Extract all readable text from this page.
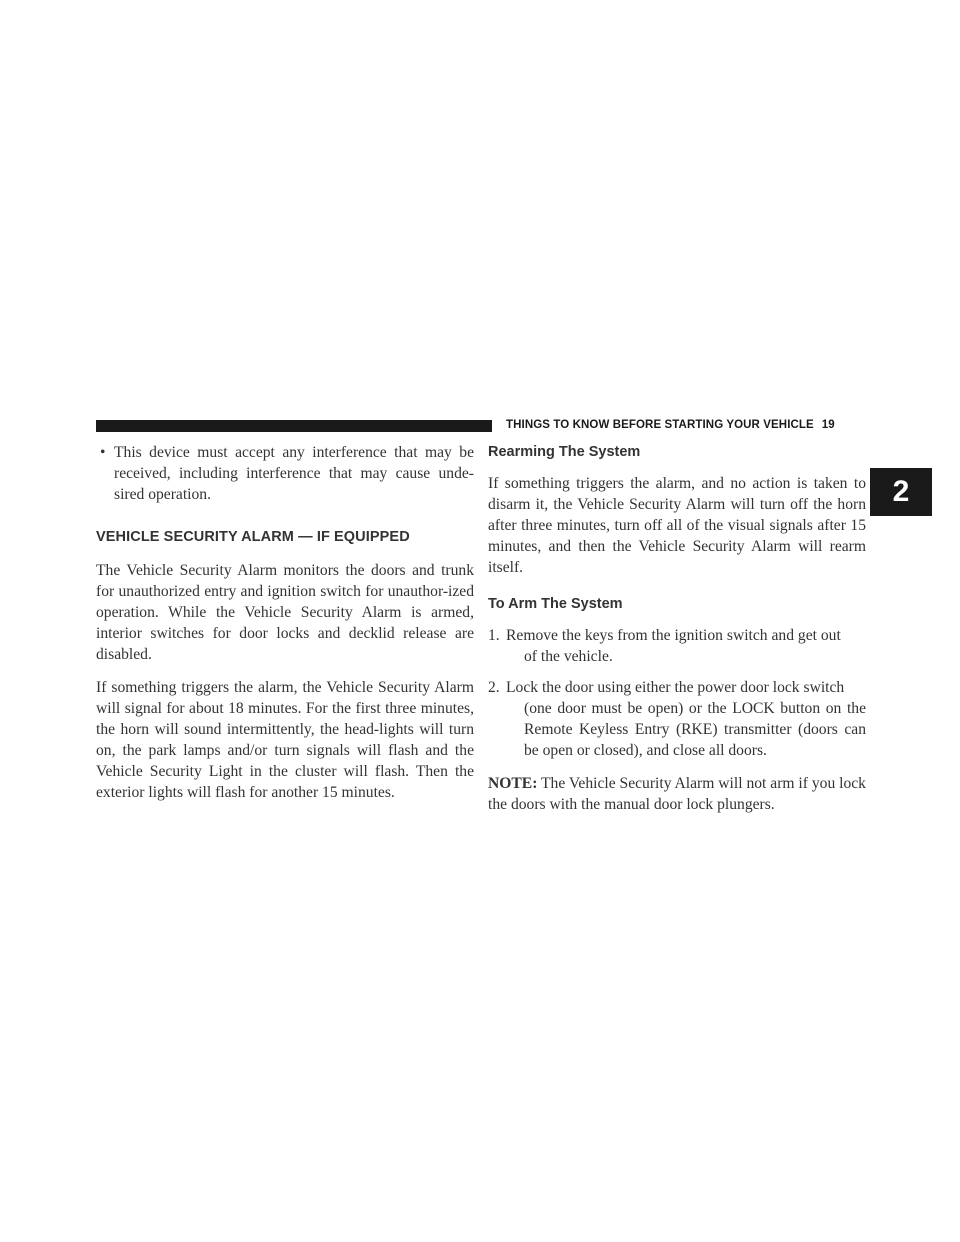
THINGS TO KNOW BEFORE STARTING YOUR VEHICLE 19
2

• This device must accept any interference that may be received, including interference that may cause unde-sired operation.

VEHICLE SECURITY ALARM — IF EQUIPPED

The Vehicle Security Alarm monitors the doors and trunk for unauthorized entry and ignition switch for unauthor-ized operation. While the Vehicle Security Alarm is armed, interior switches for door locks and decklid release are disabled.

If something triggers the alarm, the Vehicle Security Alarm will signal for about 18 minutes. For the first three minutes, the horn will sound intermittently, the head-lights will turn on, the park lamps and/or turn signals will flash and the Vehicle Security Light in the cluster will flash. Then the exterior lights will flash for another 15 minutes.

Rearming The System

If something triggers the alarm, and no action is taken to disarm it, the Vehicle Security Alarm will turn off the horn after three minutes, turn off all of the visual signals after 15 minutes, and then the Vehicle Security Alarm will rearm itself.

To Arm The System
1. Remove the keys from the ignition switch and get out
of the vehicle.
2. Lock the door using either the power door lock switch
(one door must be open) or the LOCK button on the Remote Keyless Entry (RKE) transmitter (doors can be open or closed), and close all doors.

NOTE: The Vehicle Security Alarm will not arm if you lock the doors with the manual door lock plungers.
